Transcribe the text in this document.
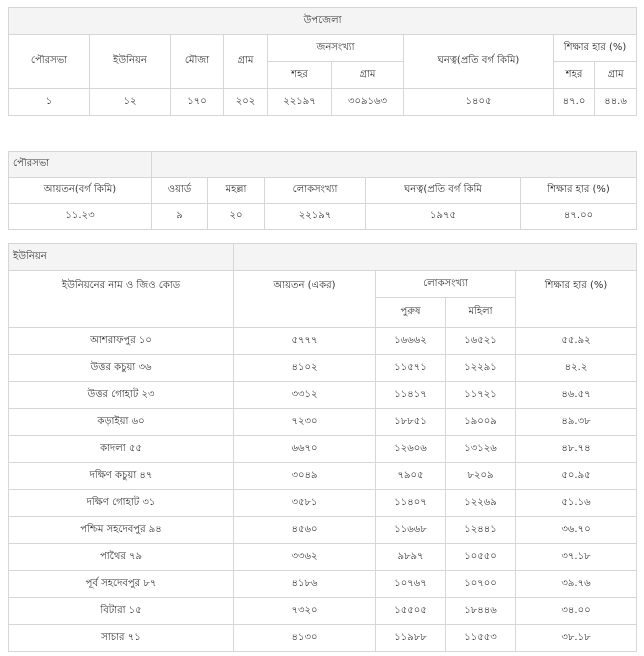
উপজেলা								
পৌরসভা	ইউনিয়ন	মৌজা	গ্রাম	জনসংখ্যা		ঘনত্ব(প্রতি বর্গ কিমি)	শিক্ষার হার (%)	
				শহর	গ্রাম		শহর	গ্রাম
১	১২	১৭০	২০২	২২১৯৭	৩০৯১৬৩	১৪০৫	৪৭.০	৪৪.৬
পৌরসভা					
আয়তন(বর্গ কিমি)	ওয়ার্ড	মহল্লা	লোকসংখ্যা	ঘনত্ব(প্রতি বর্গ কিমি	শিক্ষার হার (%)
১১.২৩	৯	২০	২২১৯৭	১৯৭৫	৪৭.০০
ইউনিয়ন				
ইউনিয়নের নাম ও জিও কোড	আয়তন (একর)	লোকসংখ্যা		শিক্ষার হার (%)
		পুরুষ	মহিলা	
আশরাফপুর ১০	৫৭৭৭	১৬৬৬২	১৬৫২১	৫৫.৯২
উত্তর কচুয়া ৩৬	৪১০২	১১৫৭১	১২২৯১	৪২.২
উত্তর গোহাট ২৩	৩৩১২	১১৪১৭	১১৭২১	৪৬.৫৭
কড়াইয়া ৬০	৭২৩০	১৮৮৫১	১৯০০৯	৪৯.৩৮
কাদলা ৫৫	৬৬৭০	১২৬০৬	১৩১২৬	৪৮.৭৪
দক্ষিণ কচুয়া ৪৭	৩০৪৯	৭৯০৫	৮২০৯	৫০.৯৫
দক্ষিণ গোহাট ৩১	৩৫৮১	১১৪০৭	১২২৬৯	৫১.১৬
পশ্চিম সহদেবপুর ৯৪	৪৫৬০	১১৬৬৮	১২৪৪১	৩৬.৭০
পাথৈর ৭৯	৩৩৬২	৯৮৯৭	১০৫৫০	৩৭.১৮
পূর্ব সহদেবপুর ৮৭	৪১৮৬	১০৭৬৭	১০৭০০	৩৯.৭৬
বিটারা ১৫	৭৩২০	১৫৫০৫	১৮৪৪৬	৩৪.০০
সাচার ৭১	৪১৩০	১১৯৮৮	১১৫৫৩	৩৮.১৮
